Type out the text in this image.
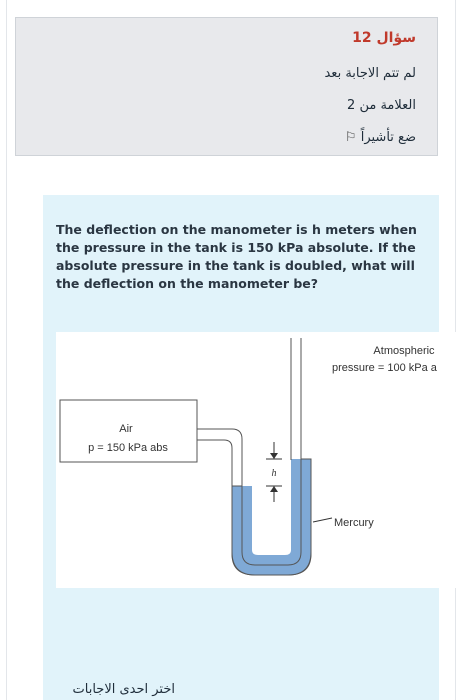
سؤال 12
لم تتم الاجابة بعد
العلامة من 2
ضع تأشيراً ⚐
The deflection on the manometer is h meters when the pressure in the tank is 150 kPa absolute. If the absolute pressure in the tank is doubled, what will the deflection on the manometer be?
Air
p = 150 kPa abs
h
Atmospheric
pressure = 100 kPa a
Mercury
اختر احدى الاجابات
